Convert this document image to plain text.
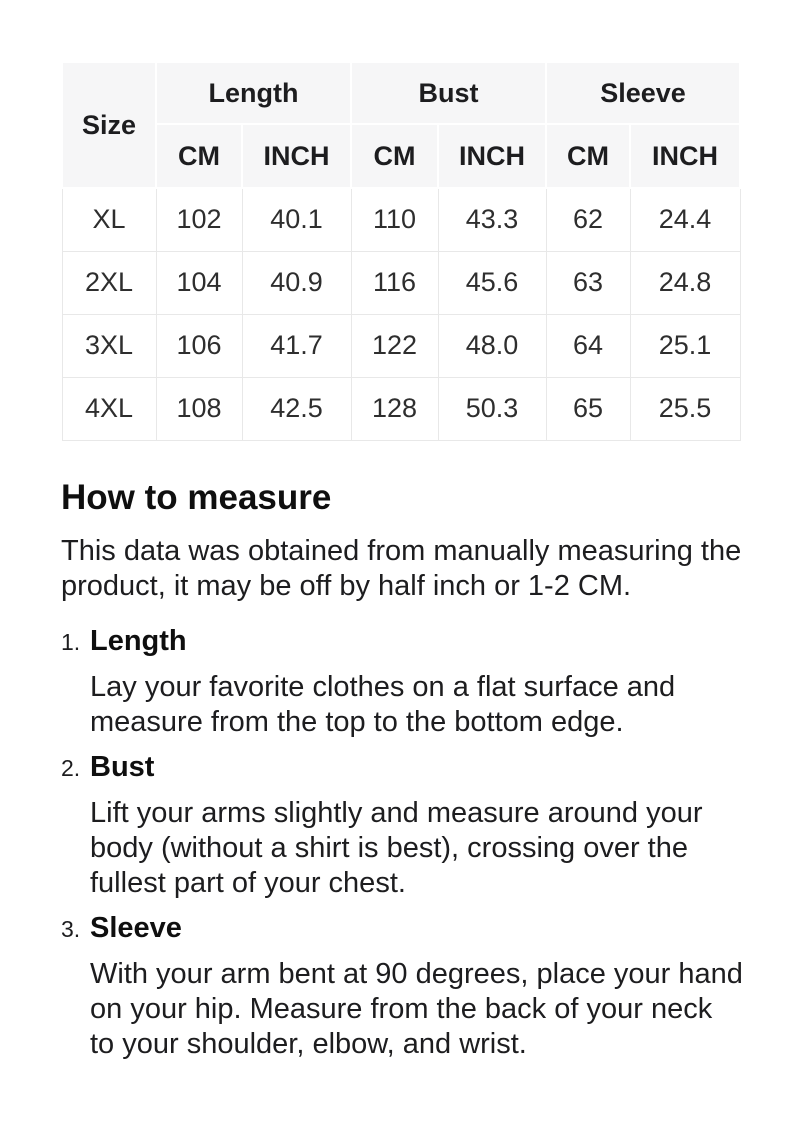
Size	Length		Bust		Sleeve	
	CM	INCH	CM	INCH	CM	INCH
XL	102	40.1	110	43.3	62	24.4
2XL	104	40.9	116	45.6	63	24.8
3XL	106	41.7	122	48.0	64	25.1
4XL	108	42.5	128	50.3	65	25.5
How to measure

This data was obtained from manually measuring the product, it may be off by half inch or 1-2 CM.

1. Length

Lay your favorite clothes on a flat surface and measure from the top to the bottom edge.

2. Bust

Lift your arms slightly and measure around your body (without a shirt is best), crossing over the fullest part of your chest.

3. Sleeve

With your arm bent at 90 degrees, place your hand on your hip. Measure from the back of your neck to your shoulder, elbow, and wrist.
